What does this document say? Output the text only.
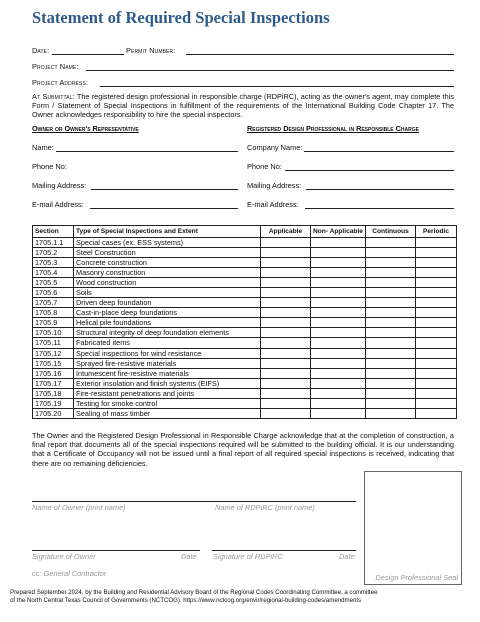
Statement of Required Special Inspections
Date:	Permit Number:
Project Name:
Project Address:
At Submittal: The registered design professional in responsible charge (RDPiRC), acting as the owner's agent, may complete this Form / Statement of Special Inspections in fulfillment of the requirements of the International Building Code Chapter 17. The Owner acknowledges responsibility to hire the special inspectors.
Owner or Owner's Representative	Registered Design Professional in Responsible Charge
Name:
Phone No:
Mailing Address:
E-mail Address:
Company Name:
Phone No:
Mailing Address:
E-mail Address:
Section	Type of Special Inspections and Extent	Applicable	Non- Applicable	Continuous	Periodic
1705.1.1	Special cases (ex. ESS systems)				
1705.2	Steel Construction				
1705.3	Concrete construction				
1705.4	Masonry construction				
1705.5	Wood construction				
1705.6	Soils				
1705.7	Driven deep foundation				
1705.8	Cast-in-place deep foundations				
1705.9	Helical pile foundations				
1705.10	Structural integrity of deep foundation elements				
1705.11	Fabricated items				
1705.12	Special inspections for wind resistance				
1705.15	Sprayed fire-resistive materials				
1705.16	Intumescent fire-resistive materials				
1705.17	Exterior insulation and finish systems (EIFS)				
1705.18	Fire-resistant penetrations and joints				
1705.19	Testing for smoke control				
1705.20	Sealing of mass timber				
The Owner and the Registered Design Professional in Responsible Charge acknowledge that at the completion of construction, a final report that documents all of the special inspections required will be submitted to the building official. It is our understanding that a Certificate of Occupancy will not be issued until a final report of all required special inspections is received, indicating that there are no remaining deficiencies.
Name of Owner (print name)	Name of RDPiRC (print name)
Signature of Owner	Date Signature of RDPiRC	Date
cc: General Contractor	Design Professional Seal
Prepared September 2024, by the Building and Residential Advisory Board of the Regional Codes Coordinating Committee, a committee
of the North Central Texas Council of Governments (NCTCOG). https://www.nctcog.org/envir/regional-building-codes/amendments
